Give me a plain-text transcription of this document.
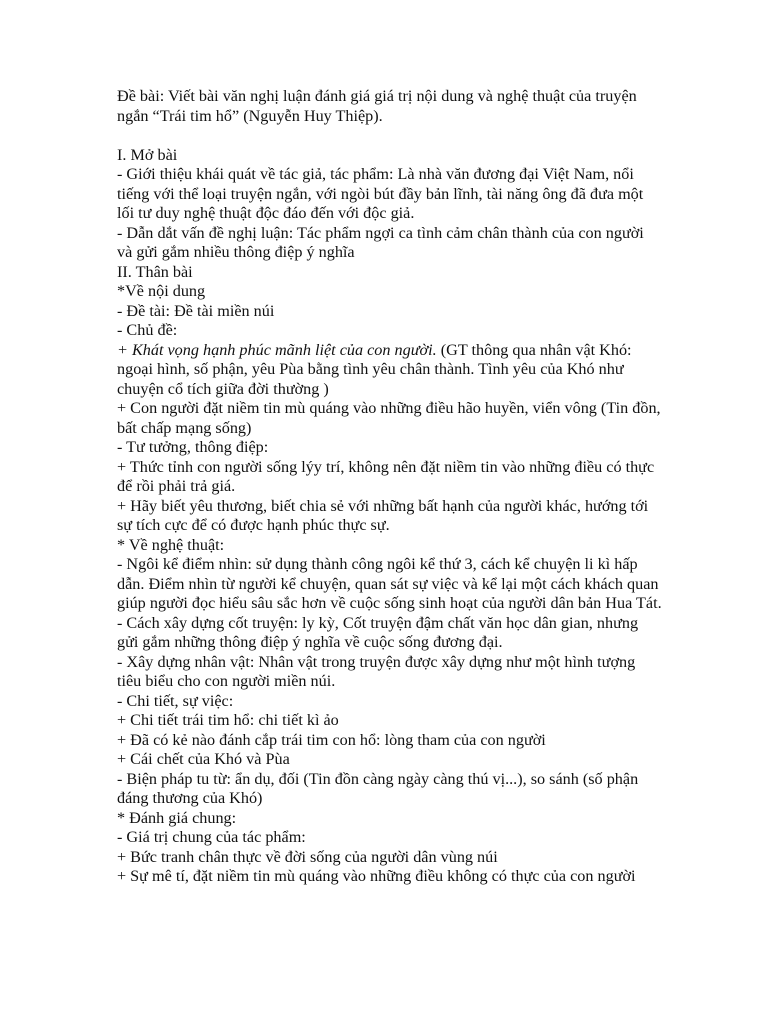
Đề bài: Viết bài văn nghị luận đánh giá giá trị nội dung và nghệ thuật của truyện ngắn “Trái tim hổ” (Nguyễn Huy Thiệp).

I. Mở bài

- Giới thiệu khái quát về tác giả, tác phẩm: Là nhà văn đương đại Việt Nam, nổi tiếng với thể loại truyện ngắn, với ngòi bút đầy bản lĩnh, tài năng ông đã đưa một lối tư duy nghệ thuật độc đáo đến với độc giả.

- Dẫn dắt vấn đề nghị luận: Tác phẩm ngợi ca tình cảm chân thành của con người và gửi gắm nhiều thông điệp ý nghĩa

II. Thân bài

*Về nội dung

- Đề tài: Đề tài miền núi

- Chủ đề:

+ Khát vọng hạnh phúc mãnh liệt của con người. (GT thông qua nhân vật Khó: ngoại hình, số phận, yêu Pùa bằng tình yêu chân thành. Tình yêu của Khó như chuyện cổ tích giữa đời thường )

+ Con người đặt niềm tin mù quáng vào những điều hão huyền, viển vông (Tin đồn, bất chấp mạng sống)

- Tư tưởng, thông điệp:

+ Thức tỉnh con người sống lýy trí, không nên đặt niềm tin vào những điều có thực để rồi phải trả giá.

+ Hãy biết yêu thương, biết chia sẻ với những bất hạnh của người khác, hướng tới sự tích cực để có được hạnh phúc thực sự.

* Về nghệ thuật:

- Ngôi kể điểm nhìn: sử dụng thành công ngôi kể thứ 3, cách kể chuyện li kì hấp dẫn. Điểm nhìn từ người kể chuyện, quan sát sự việc và kể lại một cách khách quan giúp người đọc hiểu sâu sắc hơn về cuộc sống sinh hoạt của người dân bản Hua Tát.

- Cách xây dựng cốt truyện: ly kỳ, Cốt truyện đậm chất văn học dân gian, nhưng gửi gắm những thông điệp ý nghĩa về cuộc sống đương đại.

- Xây dựng nhân vật: Nhân vật trong truyện được xây dựng như một hình tượng tiêu biểu cho con người miền núi.

- Chi tiết, sự việc:

+ Chi tiết trái tim hổ: chi tiết kì ảo

+ Đã có kẻ nào đánh cắp trái tim con hổ: lòng tham của con người

+ Cái chết của Khó và Pùa

- Biện pháp tu từ: ẩn dụ, đối (Tin đồn càng ngày càng thú vị...), so sánh (số phận đáng thương của Khó)

* Đánh giá chung:

- Giá trị chung của tác phẩm:

+ Bức tranh chân thực về đời sống của người dân vùng núi

+ Sự mê tí, đặt niềm tin mù quáng vào những điều không có thực của con người
